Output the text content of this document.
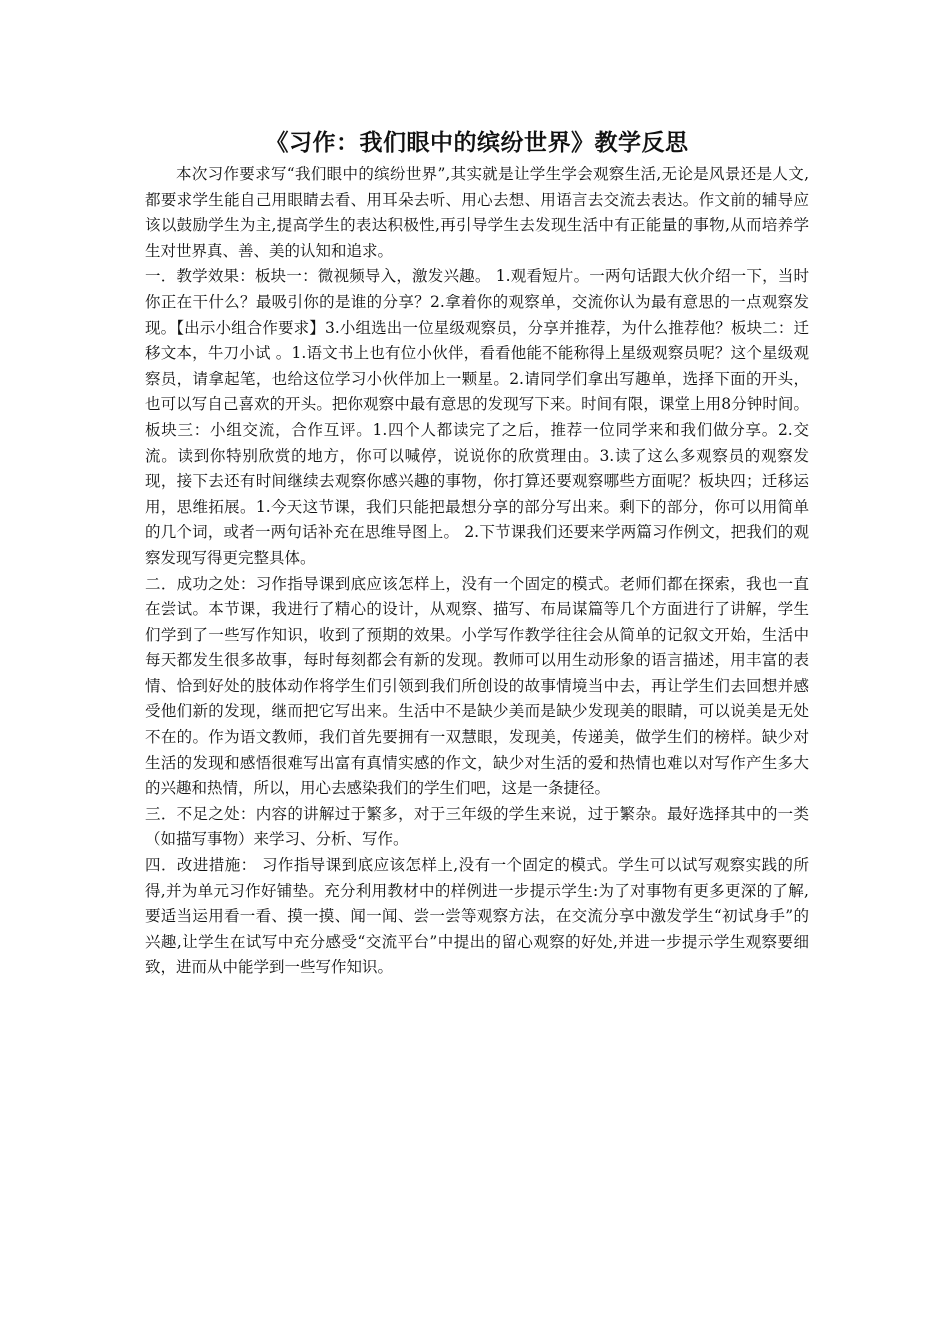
《习作：我们眼中的缤纷世界》教学反思

本次习作要求写“我们眼中的缤纷世界”,其实就是让学生学会观察生活,无论是风景还是人文,都要求学生能自己用眼睛去看、用耳朵去听、用心去想、用语言去交流去表达。作文前的辅导应该以鼓励学生为主,提高学生的表达积极性,再引导学生去发现生活中有正能量的事物,从而培养学生对世界真、善、美的认知和追求。

一．教学效果：板块一：微视频导入，激发兴趣。 1.观看短片。一两句话跟大伙介绍一下，当时你正在干什么？最吸引你的是谁的分享？2.拿着你的观察单，交流你认为最有意思的一点观察发现。【出示小组合作要求】3.小组选出一位星级观察员，分享并推荐，为什么推荐他？板块二：迁移文本，牛刀小试 。1.语文书上也有位小伙伴，看看他能不能称得上星级观察员呢？这个星级观察员，请拿起笔，也给这位学习小伙伴加上一颗星。2.请同学们拿出写趣单，选择下面的开头，也可以写自己喜欢的开头。把你观察中最有意思的发现写下来。时间有限，课堂上用8分钟时间。板块三：小组交流，合作互评。1.四个人都读完了之后，推荐一位同学来和我们做分享。2.交流。读到你特别欣赏的地方，你可以喊停，说说你的欣赏理由。3.读了这么多观察员的观察发现，接下去还有时间继续去观察你感兴趣的事物，你打算还要观察哪些方面呢？板块四；迁移运用，思维拓展。1.今天这节课，我们只能把最想分享的部分写出来。剩下的部分，你可以用简单的几个词，或者一两句话补充在思维导图上。 2.下节课我们还要来学两篇习作例文，把我们的观察发现写得更完整具体。

二．成功之处：习作指导课到底应该怎样上，没有一个固定的模式。老师们都在探索，我也一直在尝试。本节课，我进行了精心的设计，从观察、描写、布局谋篇等几个方面进行了讲解，学生们学到了一些写作知识，收到了预期的效果。小学写作教学往往会从简单的记叙文开始，生活中每天都发生很多故事，每时每刻都会有新的发现。教师可以用生动形象的语言描述，用丰富的表情、恰到好处的肢体动作将学生们引领到我们所创设的故事情境当中去，再让学生们去回想并感受他们新的发现，继而把它写出来。生活中不是缺少美而是缺少发现美的眼睛，可以说美是无处不在的。作为语文教师，我们首先要拥有一双慧眼，发现美，传递美，做学生们的榜样。缺少对生活的发现和感悟很难写出富有真情实感的作文，缺少对生活的爱和热情也难以对写作产生多大的兴趣和热情，所以，用心去感染我们的学生们吧，这是一条捷径。

三．不足之处：内容的讲解过于繁多，对于三年级的学生来说，过于繁杂。最好选择其中的一类（如描写事物）来学习、分析、写作。

四．改进措施： 习作指导课到底应该怎样上,没有一个固定的模式。学生可以试写观察实践的所得,并为单元习作好铺垫。充分利用教材中的样例进一步提示学生:为了对事物有更多更深的了解,要适当运用看一看、摸一摸、闻一闻、尝一尝等观察方法，在交流分享中激发学生“初试身手”的兴趣,让学生在试写中充分感受“交流平台”中提出的留心观察的好处,并进一步提示学生观察要细致，进而从中能学到一些写作知识。
